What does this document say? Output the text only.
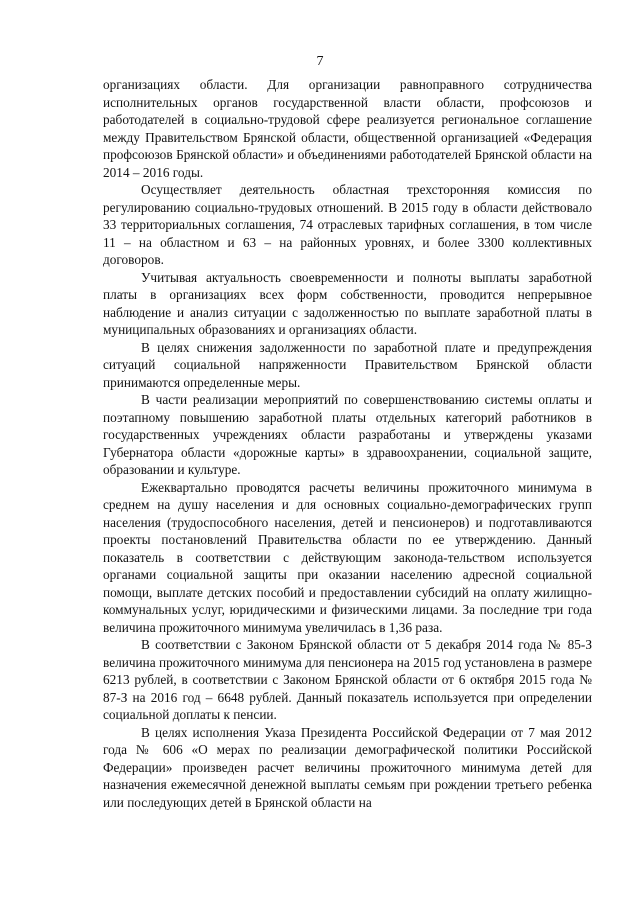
7

организациях области. Для организации равноправного сотрудничества исполнительных органов государственной власти области, профсоюзов и работодателей в социально-трудовой сфере реализуется региональное соглашение между Правительством Брянской области, общественной организацией «Федерация профсоюзов Брянской области» и объединениями работодателей Брянской области на 2014 – 2016 годы.

Осуществляет деятельность областная трехсторонняя комиссия по регулированию социально-трудовых отношений. В 2015 году в области действовало 33 территориальных соглашения, 74 отраслевых тарифных соглашения, в том числе 11 – на областном и 63 – на районных уровнях, и более 3300 коллективных договоров.

Учитывая актуальность своевременности и полноты выплаты заработной платы в организациях всех форм собственности, проводится непрерывное наблюдение и анализ ситуации с задолженностью по выплате заработной платы в муниципальных образованиях и организациях области.

В целях снижения задолженности по заработной плате и предупреждения ситуаций социальной напряженности Правительством Брянской области принимаются определенные меры.

В части реализации мероприятий по совершенствованию системы оплаты и поэтапному повышению заработной платы отдельных категорий работников в государственных учреждениях области разработаны и утверждены указами Губернатора области «дорожные карты» в здравоохранении, социальной защите, образовании и культуре.

Ежеквартально проводятся расчеты величины прожиточного минимума в среднем на душу населения и для основных социально-демографических групп населения (трудоспособного населения, детей и пенсионеров) и подготавливаются проекты постановлений Правительства области по ее утверждению. Данный показатель в соответствии с действующим законода-тельством используется органами социальной защиты при оказании населению адресной социальной помощи, выплате детских пособий и предоставлении субсидий на оплату жилищно-коммунальных услуг, юридическими и физическими лицами. За последние три года величина прожиточного минимума увеличилась в 1,36 раза.

В соответствии с Законом Брянской области от 5 декабря 2014 года № 85-З величина прожиточного минимума для пенсионера на 2015 год установлена в размере 6213 рублей, в соответствии с Законом Брянской области от 6 октября 2015 года № 87-З на 2016 год – 6648 рублей. Данный показатель используется при определении социальной доплаты к пенсии.

В целях исполнения Указа Президента Российской Федерации от 7 мая 2012 года № 606 «О мерах по реализации демографической политики Российской Федерации» произведен расчет величины прожиточного минимума детей для назначения ежемесячной денежной выплаты семьям при рождении третьего ребенка или последующих детей в Брянской области на
